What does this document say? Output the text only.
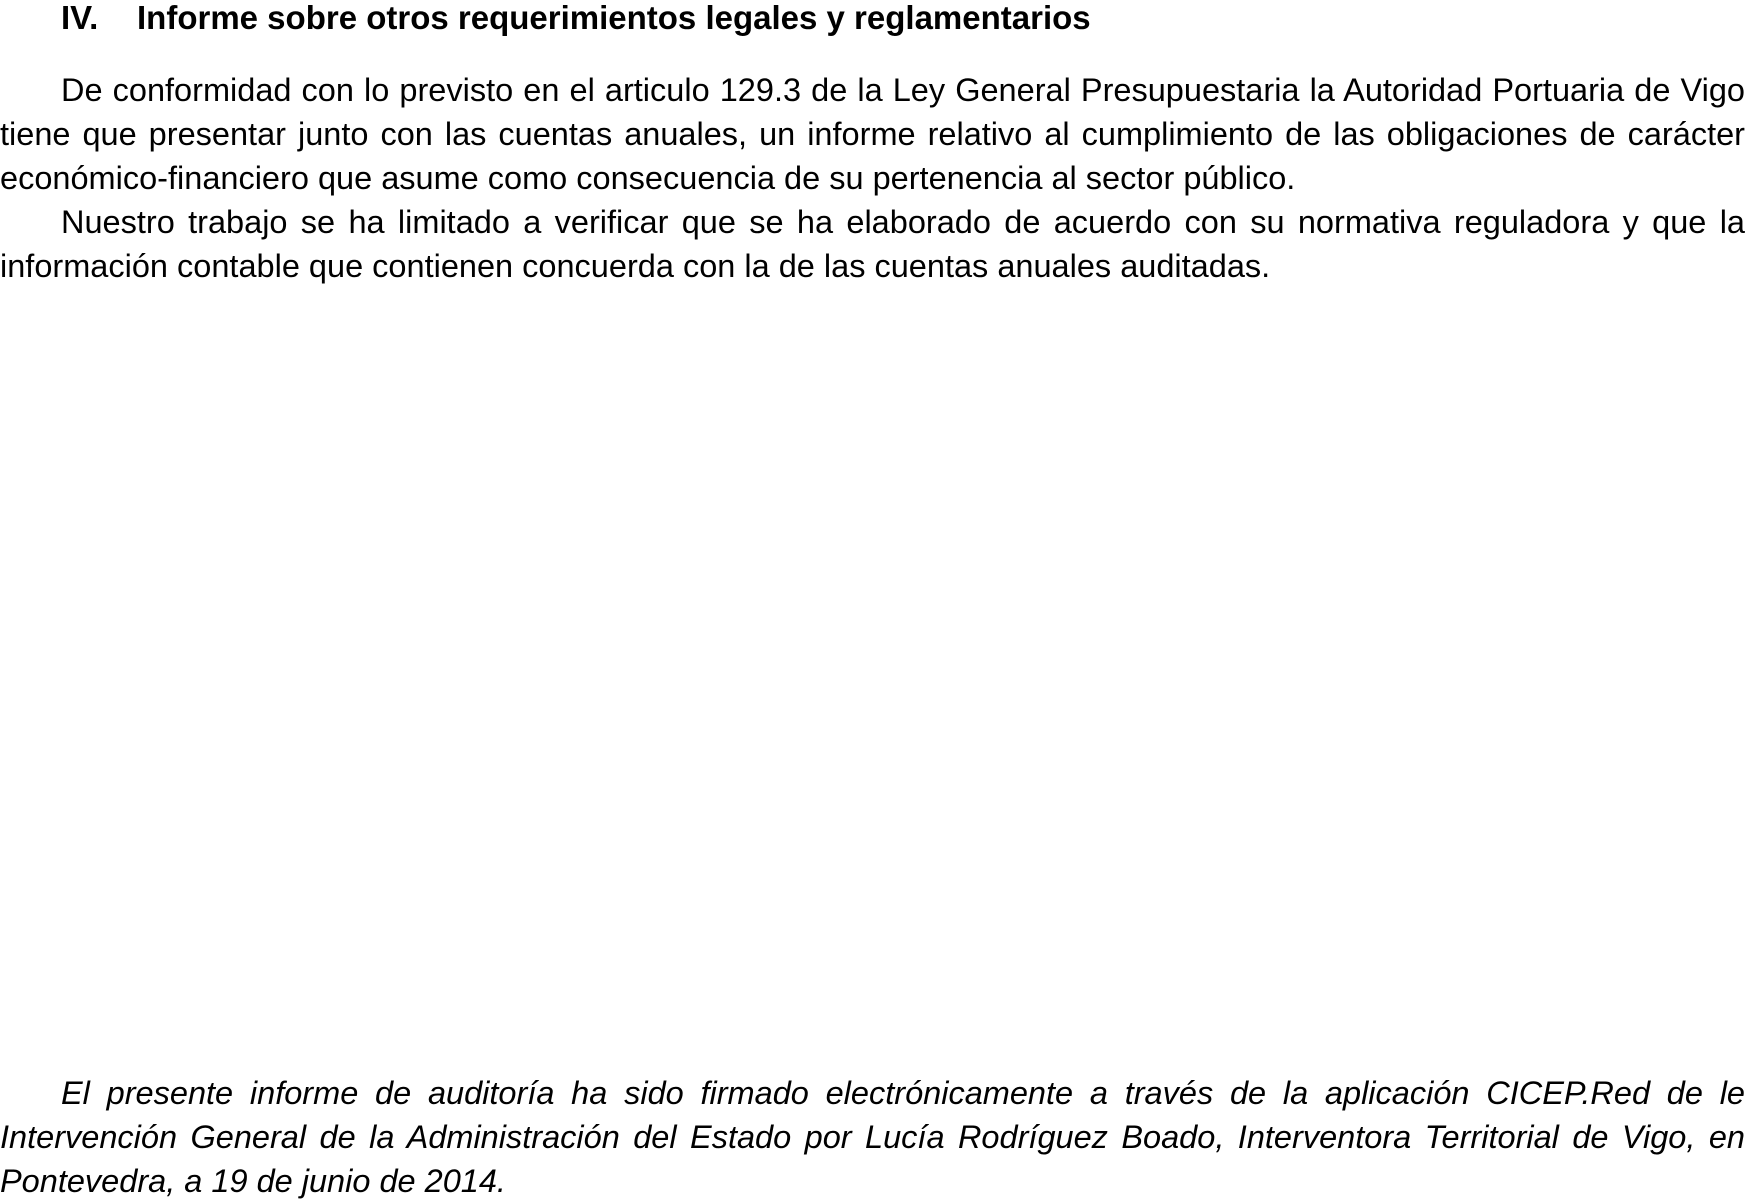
IV. Informe sobre otros requerimientos legales y reglamentarios

De conformidad con lo previsto en el articulo 129.3 de la Ley General Presupuestaria la Autoridad Portuaria de Vigo tiene que presentar junto con las cuentas anuales, un informe relativo al cumplimiento de las obligaciones de carácter económico-financiero que asume como consecuencia de su pertenencia al sector público.

Nuestro trabajo se ha limitado a verificar que se ha elaborado de acuerdo con su normativa reguladora y que la información contable que contienen concuerda con la de las cuentas anuales auditadas.

El presente informe de auditoría ha sido firmado electrónicamente a través de la aplicación CICEP.Red de le Intervención General de la Administración del Estado por Lucía Rodríguez Boado, Interventora Territorial de Vigo, en Pontevedra, a 19 de junio de 2014.
